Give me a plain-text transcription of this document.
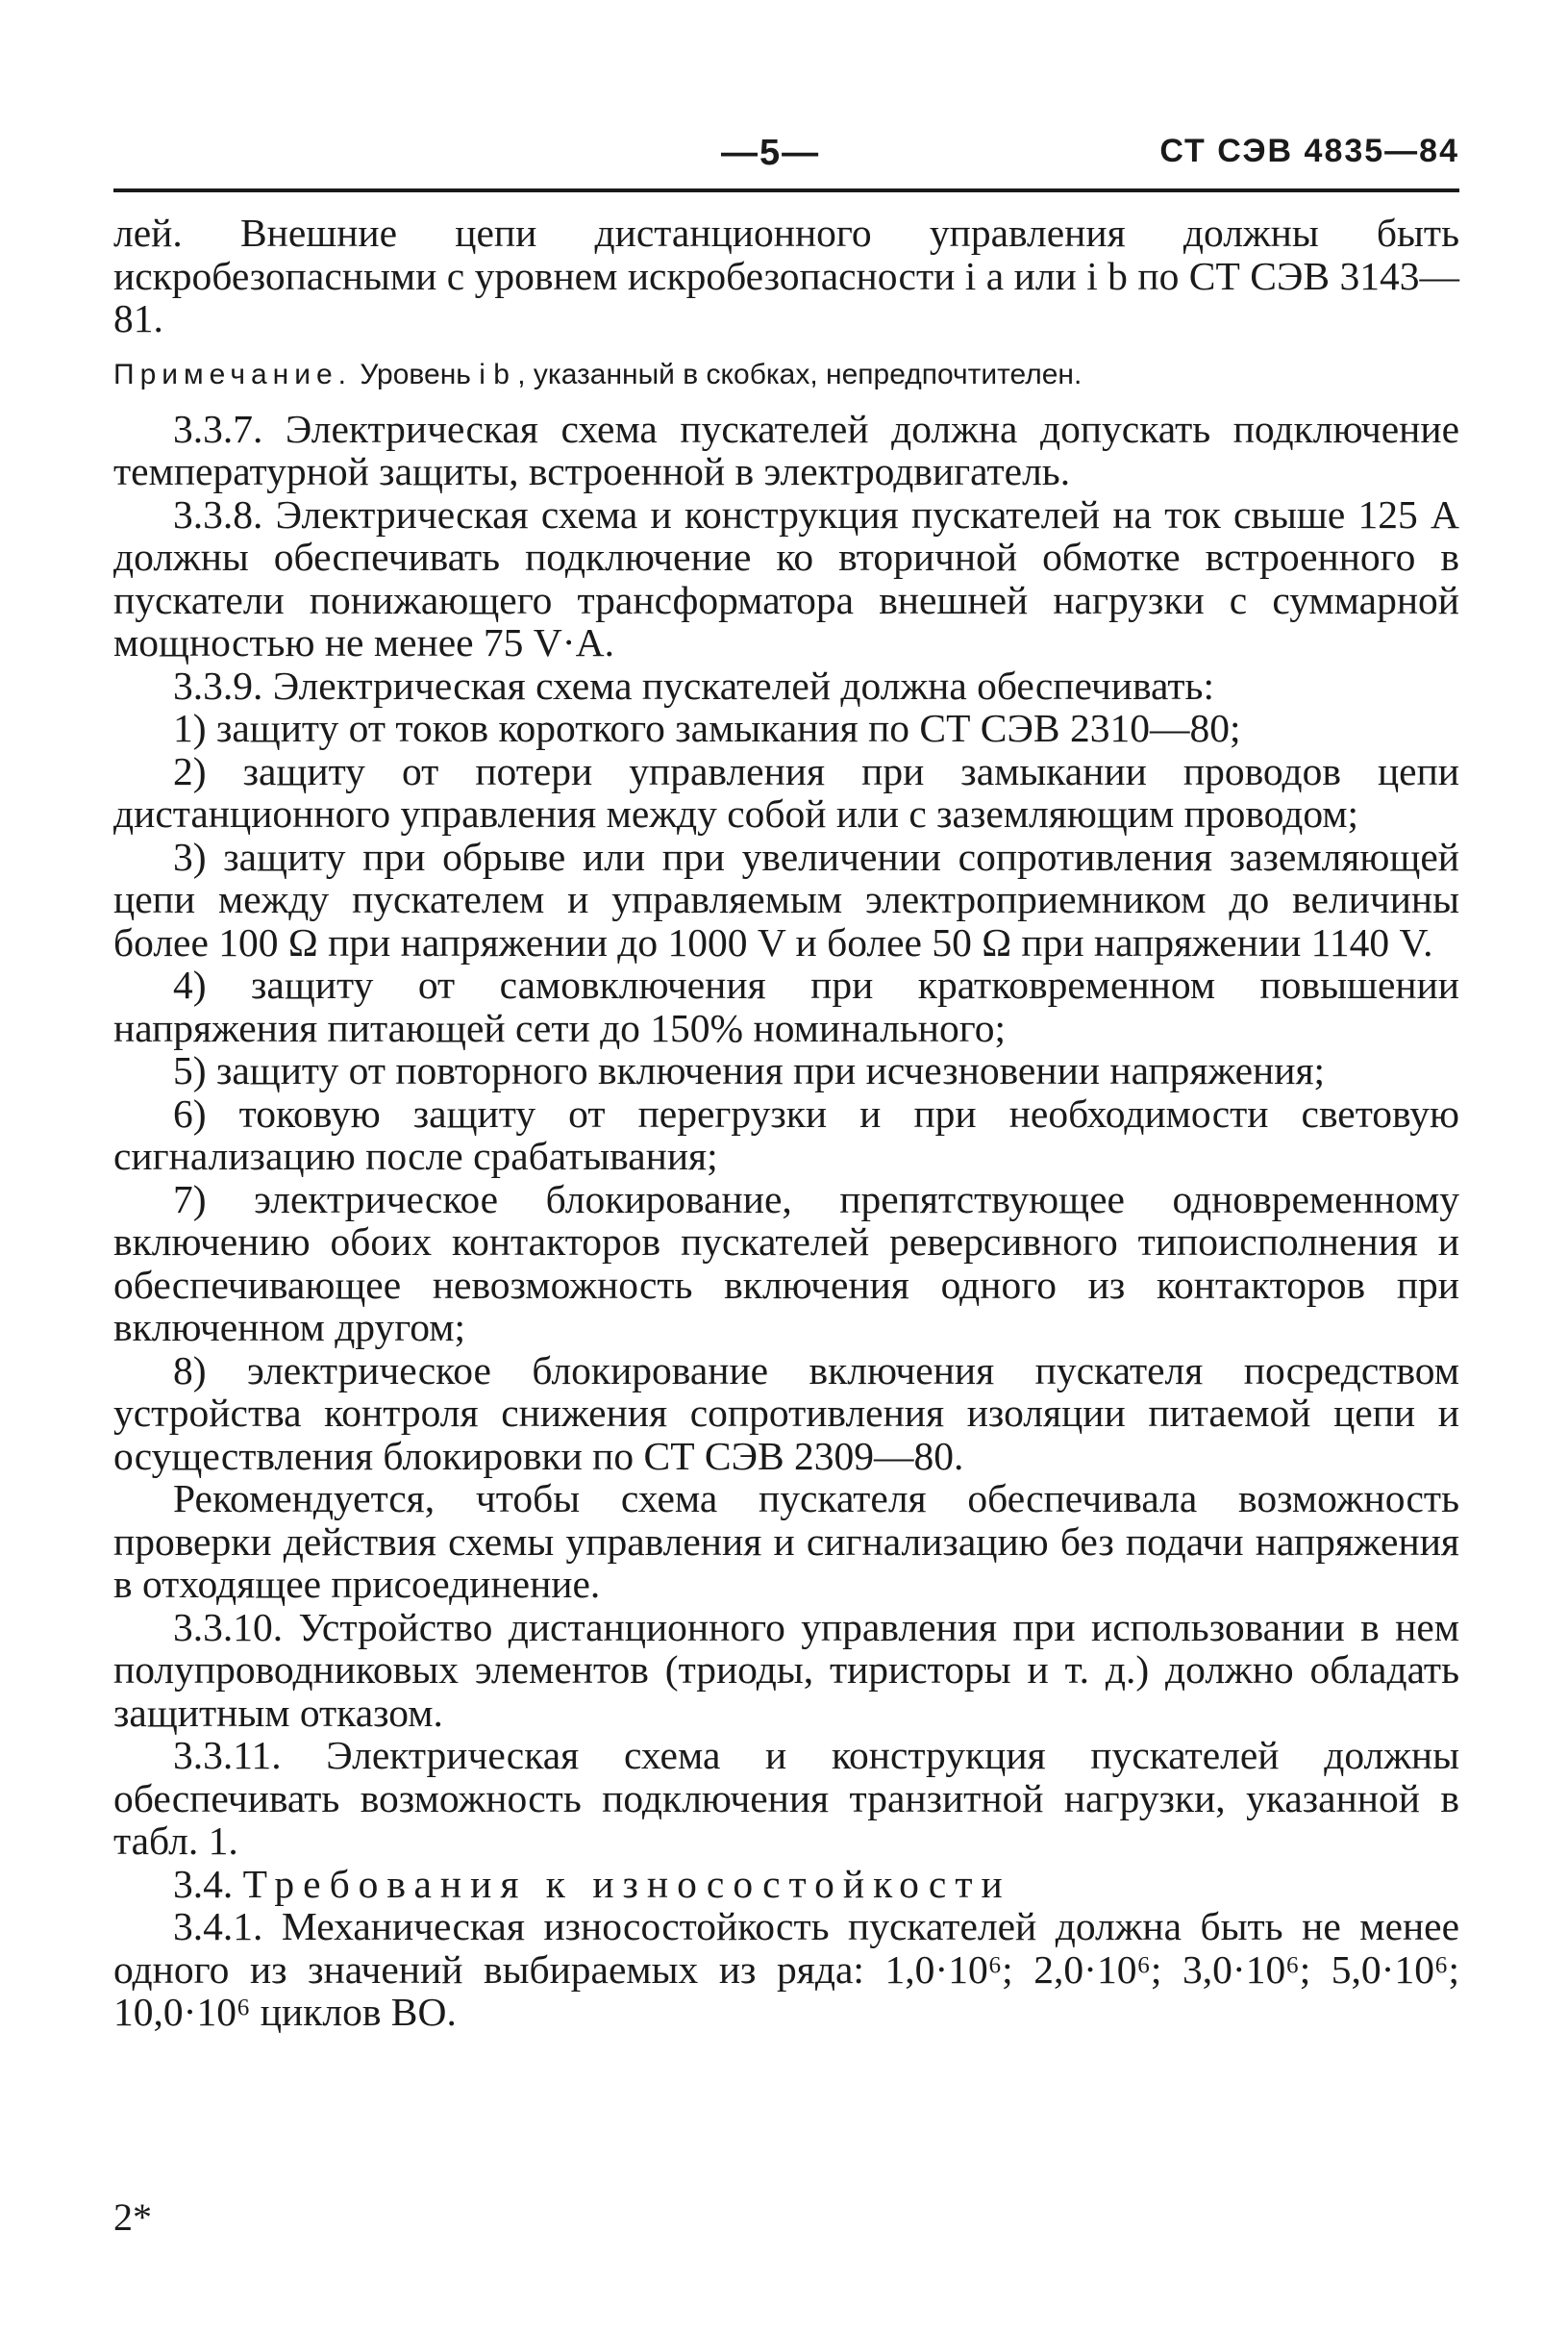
—5—	СТ СЭВ 4835—84

лей. Внешние цепи дистанционного управления должны быть искробезопасными с уровнем искробезопасности i a или i b по СТ СЭВ 3143—81.

Примечание. Уровень i b , указанный в скобках, непредпочтителен.

3.3.7. Электрическая схема пускателей должна допускать подключение температурной защиты, встроенной в электродвигатель.

3.3.8. Электрическая схема и конструкция пускателей на ток свыше 125 А должны обеспечивать подключение ко вторичной обмотке встроенного в пускатели понижающего трансформатора внешней нагрузки с суммарной мощностью не менее 75 V·A.

3.3.9. Электрическая схема пускателей должна обеспечивать:

1) защиту от токов короткого замыкания по СТ СЭВ 2310—80;

2) защиту от потери управления при замыкании проводов цепи дистанционного управления между собой или с заземляющим проводом;

3) защиту при обрыве или при увеличении сопротивления заземляющей цепи между пускателем и управляемым электроприемником до величины более 100 Ω при напряжении до 1000 V и более 50 Ω при напряжении 1140 V.

4) защиту от самовключения при кратковременном повышении напряжения питающей сети до 150% номинального;

5) защиту от повторного включения при исчезновении напряжения;

6) токовую защиту от перегрузки и при необходимости световую сигнализацию после срабатывания;

7) электрическое блокирование, препятствующее одновременному включению обоих контакторов пускателей реверсивного типоисполнения и обеспечивающее невозможность включения одного из контакторов при включенном другом;

8) электрическое блокирование включения пускателя посредством устройства контроля снижения сопротивления изоляции питаемой цепи и осуществления блокировки по СТ СЭВ 2309—80.

Рекомендуется, чтобы схема пускателя обеспечивала возможность проверки действия схемы управления и сигнализацию без подачи напряжения в отходящее присоединение.

3.3.10. Устройство дистанционного управления при использовании в нем полупроводниковых элементов (триоды, тиристоры и т. д.) должно обладать защитным отказом.

3.3.11. Электрическая схема и конструкция пускателей должны обеспечивать возможность подключения транзитной нагрузки, указанной в табл. 1.

3.4. Требования к износостойкости

3.4.1. Механическая износостойкость пускателей должна быть не менее одного из значений выбираемых из ряда: 1,0·10⁶; 2,0·10⁶; 3,0·10⁶; 5,0·10⁶; 10,0·10⁶ циклов ВО.

2*
